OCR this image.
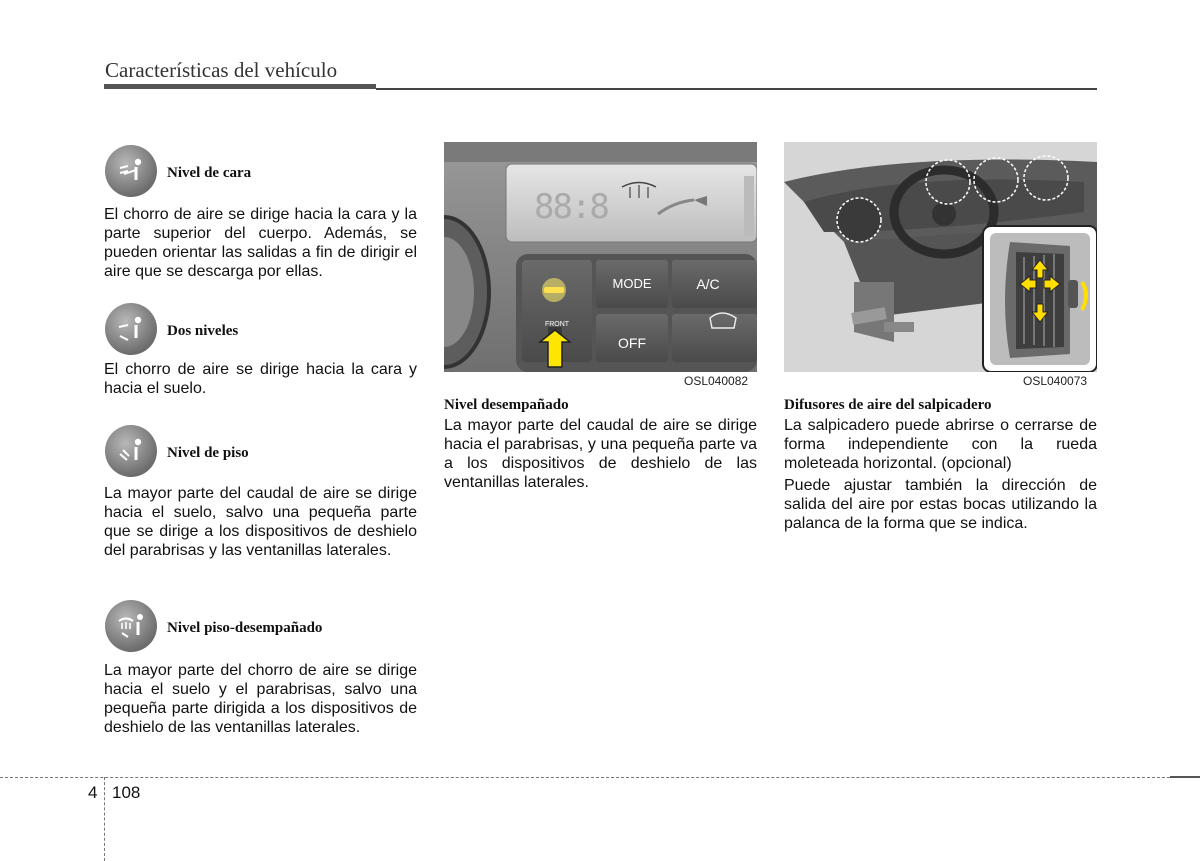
Características del vehículo
Nivel de cara
El chorro de aire se dirige hacia la cara y la parte superior del cuerpo. Además, se pueden orientar las salidas a fin de dirigir el aire que se descarga por ellas.
Dos niveles
El chorro de aire se dirige hacia la cara y hacia el suelo.
Nivel de piso
La mayor parte del caudal de aire se dirige hacia el suelo, salvo una pequeña parte que se dirige a los dispositivos de deshielo del parabrisas y las ventanillas laterales.
Nivel piso-desempañado
La mayor parte del chorro de aire se dirige hacia el suelo y el parabrisas, salvo una pequeña parte dirigida a los dispositivos de deshielo de las ventanillas laterales.
88:8
MODE	A/C
OFF
FRONT
OSL040082
Nivel desempañado
La mayor parte del caudal de aire se dirige hacia el parabrisas, y una pequeña parte va a los dispositivos de deshielo de las ventanillas laterales.
OSL040073
Difusores de aire del salpicadero
La salpicadero puede abrirse o cerrarse de forma independiente con la rueda moleteada horizontal. (opcional)
Puede ajustar también la dirección de salida del aire por estas bocas utilizando la palanca de la forma que se indica.
4 108
